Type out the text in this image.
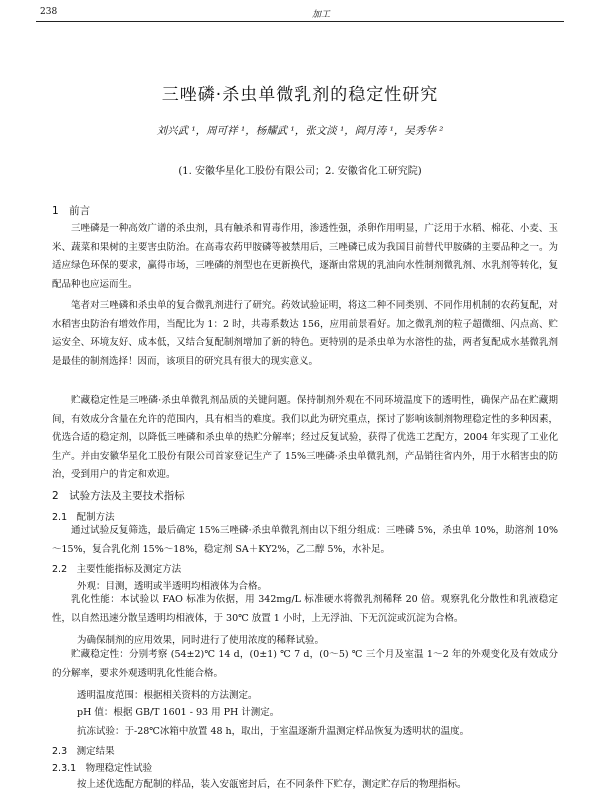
238	加工
三唑磷·杀虫单微乳剂的稳定性研究
刘兴武 ¹，周可祥 ¹，杨耀武 ¹，张文淡 ¹，阎月涛 ¹，吴秀华 ²
(1. 安徽华星化工股份有限公司；2. 安徽省化工研究院)
1　前言

三唑磷是一种高效广谱的杀虫剂，具有触杀和胃毒作用，渗透性强，杀卵作用明显，广泛用于水稻、棉花、小麦、玉米、蔬菜和果树的主要害虫防治。在高毒农药甲胺磷等被禁用后，三唑磷已成为我国目前替代甲胺磷的主要品种之一。为适应绿色环保的要求，赢得市场，三唑磷的剂型也在更新换代，逐渐由常规的乳油向水性制剂微乳剂、水乳剂等转化，复配品种也应运而生。

笔者对三唑磷和杀虫单的复合微乳剂进行了研究。药效试验证明，将这二种不同类别、不同作用机制的农药复配，对水稻害虫防治有增效作用，当配比为 1：2 时，共毒系数达 156，应用前景看好。加之微乳剂的粒子超微细、闪点高、贮运安全、环境友好、成本低，又结合复配制剂增加了新的特色。更特别的是杀虫单为水溶性的盐，两者复配成水基微乳剂是最佳的制剂选择！因而，该项目的研究具有很大的现实意义。

贮藏稳定性是三唑磷·杀虫单微乳剂品质的关键问题。保持制剂外观在不同环境温度下的透明性，确保产品在贮藏期间，有效成分含量在允许的范围内，具有相当的难度。我们以此为研究重点，探讨了影响该制剂物理稳定性的多种因素，优选合适的稳定剂，以降低三唑磷和杀虫单的热贮分解率；经过反复试验，获得了优选工艺配方，2004 年实现了工业化生产。并由安徽华星化工股份有限公司首家登记生产了 15%三唑磷·杀虫单微乳剂，产品销往省内外，用于水稻害虫的防治，受到用户的肯定和欢迎。

2　试验方法及主要技术指标
2.1　配制方法

通过试验反复筛选，最后确定 15%三唑磷·杀虫单微乳剂由以下组分组成：三唑磷 5%，杀虫单 10%，助溶剂 10%～15%，复合乳化剂 15%～18%，稳定剂 SA＋KY2%，乙二醇 5%，水补足。

2.2　主要性能指标及测定方法
外观：目测，透明或半透明均相液体为合格。

乳化性能：本试验以 FAO 标准为依据，用 342mg/L 标准硬水将微乳剂稀释 20 倍。观察乳化分散性和乳液稳定性，以自然迅速分散呈透明均相液体，于 30℃ 放置 1 小时，上无浮油、下无沉淀或沉淀为合格。

为确保制剂的应用效果，同时进行了使用浓度的稀释试验。

贮藏稳定性：分别考察 (54±2)℃ 14 d，(0±1) ℃ 7 d，(0～5) ℃ 三个月及室温 1～2 年的外观变化及有效成分的分解率，要求外观透明乳化性能合格。

透明温度范围：根据相关资料的方法测定。
pH 值：根据 GB/T 1601 - 93 用 PH 计测定。
抗冻试验：于-28℃冰箱中放置 48 h，取出，于室温逐渐升温测定样品恢复为透明状的温度。
2.3　测定结果
2.3.1　物理稳定性试验
按上述优选配方配制的样品，装入安瓿密封后，在不同条件下贮存，测定贮存后的物理指标。
